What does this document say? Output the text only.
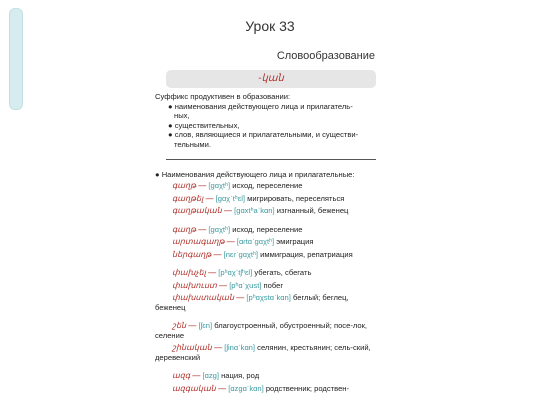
Урок 33
Словообразование
-կան
Суффикс продуктивен в образовании:
● наименования действующего лица и прилагатель-
ных,
● существительных,
● слов, являющиеся и прилагательными, и существи-
тельными.
● Наименования действующего лица и прилагательные:
գաղթ — [gɑχtʰ] исход, переселение
գաղթել — [gɑχˈtʰɛl] мигрировать, переселяться
գաղթական — [gɑxtʰaˈkɑn] изгнанный, беженец
գաղթ — [gɑχtʰ] исход, переселение
արտագաղթ — [ɑɾtɑˈgɑχtʰ] эмиграция
ներգաղթ — [nɛɾˈgɑχtʰ] иммиграция, репатриация
փախչել — [pʰɑχˈtʃʰɛl] убегать, сбегать
փախուստ — [pʰɑˈχust] побег
փախստական — [pʰɑχstɑˈkɑn] беглый; беглец, беженец
շեն — [ʃɛn] благоустроенный, обустроенный; посе-лок, селение
շինական — [ʃinɑˈkɑn] селянин, крестьянин; сель-ский, деревенский
ազգ — [ɑzg] нация, род
ազգական — [ɑzgɑˈkɑn] родственник; родствен-
